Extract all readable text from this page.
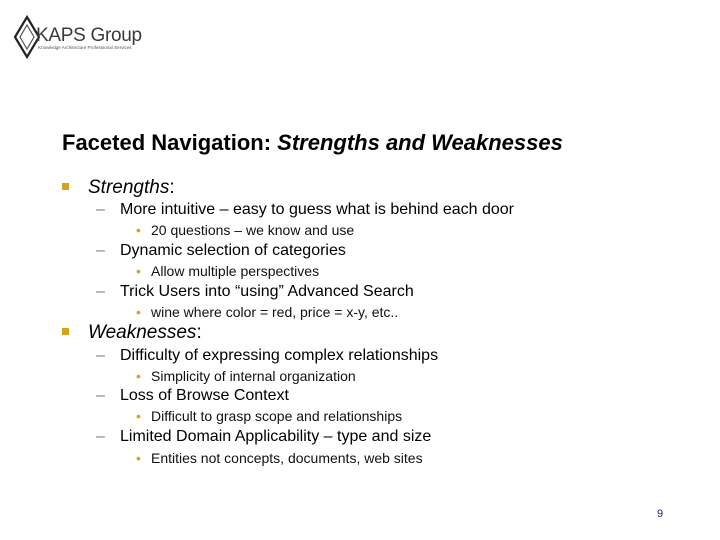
KAPS Group
Knowledge Architecture Professional Services
Faceted Navigation: Strengths and Weaknesses
Strengths:
– More intuitive – easy to guess what is behind each door
• 20 questions – we know and use
– Dynamic selection of categories
• Allow multiple perspectives
– Trick Users into “using” Advanced Search
• wine where color = red, price = x-y, etc..
Weaknesses:
– Difficulty of expressing complex relationships
• Simplicity of internal organization
– Loss of Browse Context
• Difficult to grasp scope and relationships
– Limited Domain Applicability – type and size
• Entities not concepts, documents, web sites
9
